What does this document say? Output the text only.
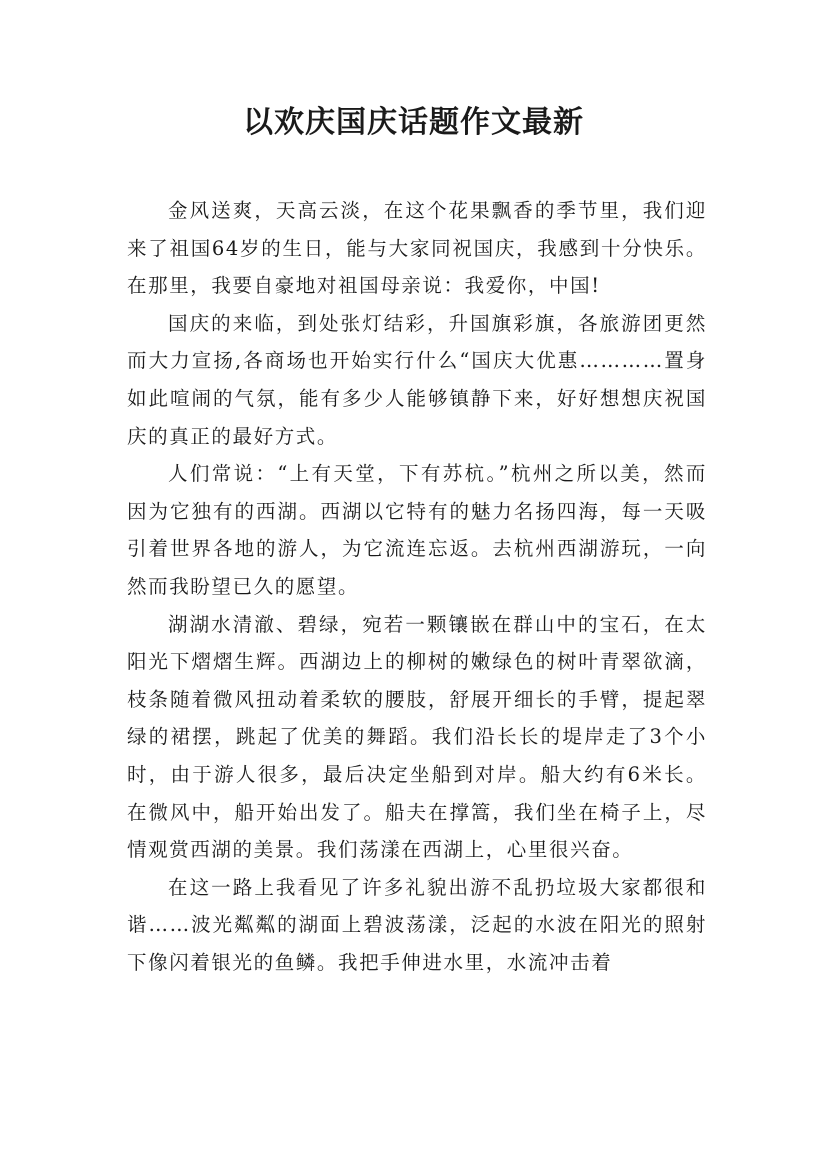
以欢庆国庆话题作文最新

金风送爽，天高云淡，在这个花果飘香的季节里，我们迎来了祖国64岁的生日，能与大家同祝国庆，我感到十分快乐。在那里，我要自豪地对祖国母亲说：我爱你，中国!

国庆的来临，到处张灯结彩，升国旗彩旗，各旅游团更然而大力宣扬,各商场也开始实行什么“国庆大优惠…………置身如此喧闹的气氛，能有多少人能够镇静下来，好好想想庆祝国庆的真正的最好方式。

人们常说：“上有天堂，下有苏杭。”杭州之所以美，然而因为它独有的西湖。西湖以它特有的魅力名扬四海，每一天吸引着世界各地的游人，为它流连忘返。去杭州西湖游玩，一向然而我盼望已久的愿望。

湖湖水清澈、碧绿，宛若一颗镶嵌在群山中的宝石，在太阳光下熠熠生辉。西湖边上的柳树的嫩绿色的树叶青翠欲滴，枝条随着微风扭动着柔软的腰肢，舒展开细长的手臂，提起翠绿的裙摆，跳起了优美的舞蹈。我们沿长长的堤岸走了3个小时，由于游人很多，最后决定坐船到对岸。船大约有6米长。在微风中，船开始出发了。船夫在撑篙，我们坐在椅子上，尽情观赏西湖的美景。我们荡漾在西湖上，心里很兴奋。

在这一路上我看见了许多礼貌出游不乱扔垃圾大家都很和谐……波光粼粼的湖面上碧波荡漾，泛起的水波在阳光的照射下像闪着银光的鱼鳞。我把手伸进水里，水流冲击着
